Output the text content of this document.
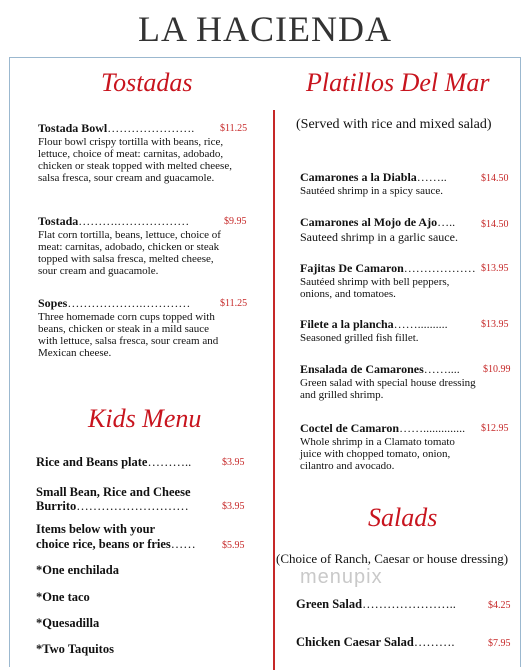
LA HACIENDA
Tostadas
Tostada Bowl………………….	$11.25
Flour bowl crispy tortilla with beans, rice, lettuce, choice of meat: carnitas, adobado, chicken or steak topped with melted cheese, salsa fresca, sour cream and guacamole.
Tostada……….………………	$9.95
Flat corn tortilla, beans, lettuce, choice of meat: carnitas, adobado, chicken or steak topped with salsa fresca, melted cheese, sour cream and guacamole.
Sopes……………….…………	$11.25
Three homemade corn cups topped with beans, chicken or steak in a mild sauce with lettuce, salsa fresca, sour cream and Mexican cheese.
Kids Menu
Rice and Beans plate………..	$3.95
Small Bean, Rice and Cheese
Burrito………………………	$3.95
Items below with your
choice rice, beans or fries……	$5.95
*One enchilada
*One taco
*Quesadilla
*Two Taquitos
Platillos Del Mar
(Served with rice and mixed salad)
Camarones a la Diabla……..	$14.50
Sautéed shrimp in a spicy sauce.
Camarones al Mojo de Ajo…..	$14.50
Sauteed shrimp in a garlic sauce.
Fajitas De Camaron……………… $13.95
Sautéed shrimp with bell peppers, onions, and tomatoes.
Filete a la plancha……..........	$13.95
Seasoned grilled fish fillet.
Ensalada de Camarones…….... $10.99
Green salad with special house dressing and grilled shrimp.
Coctel de Camaron…….............. $12.95
Whole shrimp in a Clamato tomato juice with chopped tomato, onion, cilantro and avocado.
Salads
(Choice of Ranch, Caesar or house dressing)
menupix
Green Salad…………………..	$4.25
Chicken Caesar Salad……….	$7.95
